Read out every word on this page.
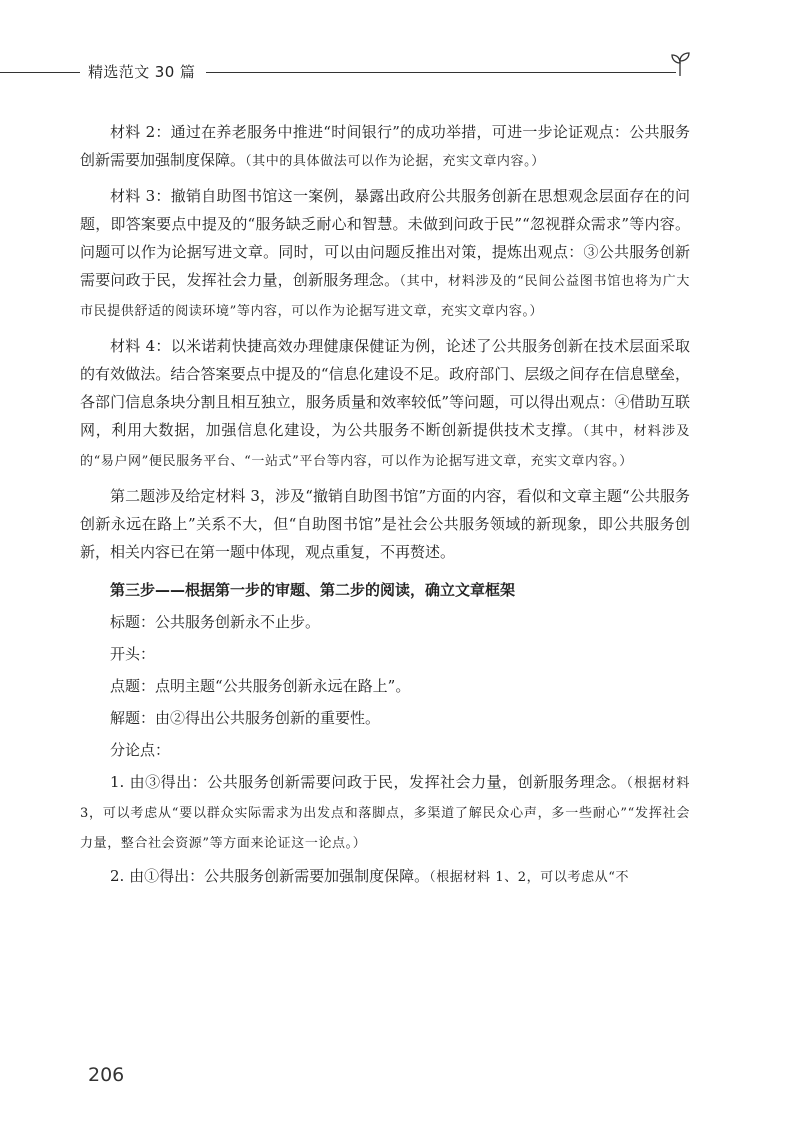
精选范文 30 篇

材料 2：通过在养老服务中推进“时间银行”的成功举措，可进一步论证观点：公共服务创新需要加强制度保障。（其中的具体做法可以作为论据，充实文章内容。）

材料 3：撤销自助图书馆这一案例，暴露出政府公共服务创新在思想观念层面存在的问题，即答案要点中提及的“服务缺乏耐心和智慧。未做到问政于民”“忽视群众需求”等内容。问题可以作为论据写进文章。同时，可以由问题反推出对策，提炼出观点：③公共服务创新需要问政于民，发挥社会力量，创新服务理念。（其中，材料涉及的“民间公益图书馆也将为广大市民提供舒适的阅读环境”等内容，可以作为论据写进文章，充实文章内容。）

材料 4：以米诺莉快捷高效办理健康保健证为例，论述了公共服务创新在技术层面采取的有效做法。结合答案要点中提及的“信息化建设不足。政府部门、层级之间存在信息壁垒，各部门信息条块分割且相互独立，服务质量和效率较低”等问题，可以得出观点：④借助互联网，利用大数据，加强信息化建设，为公共服务不断创新提供技术支撑。（其中，材料涉及的“易户网”便民服务平台、“一站式”平台等内容，可以作为论据写进文章，充实文章内容。）

第二题涉及给定材料 3，涉及“撤销自助图书馆”方面的内容，看似和文章主题“公共服务创新永远在路上”关系不大，但“自助图书馆”是社会公共服务领域的新现象，即公共服务创新，相关内容已在第一题中体现，观点重复，不再赘述。

第三步——根据第一步的审题、第二步的阅读，确立文章框架

标题：公共服务创新永不止步。

开头：

点题：点明主题“公共服务创新永远在路上”。

解题：由②得出公共服务创新的重要性。

分论点：

1. 由③得出：公共服务创新需要问政于民，发挥社会力量，创新服务理念。（根据材料 3，可以考虑从“要以群众实际需求为出发点和落脚点，多渠道了解民众心声，多一些耐心”“发挥社会力量，整合社会资源”等方面来论证这一论点。）

2. 由①得出：公共服务创新需要加强制度保障。（根据材料 1、2，可以考虑从“不

206
